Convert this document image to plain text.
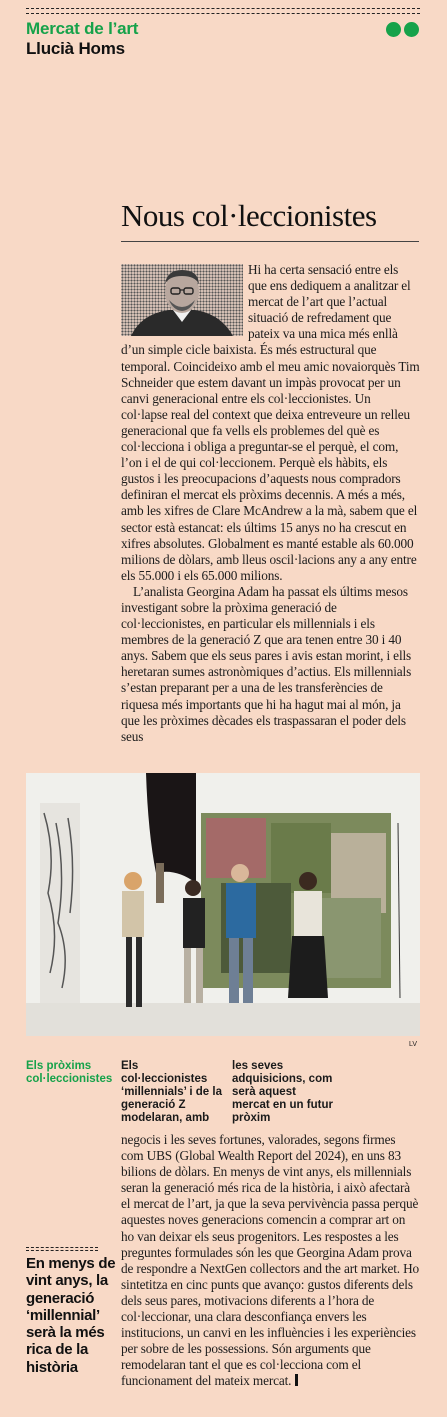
Mercat de l’art
Llucià Homs
Nous col·leccionistes

Hi ha certa sensació entre els que ens dediquem a analitzar el mercat de l’art que l’actual situació de refredament que pateix va una mica més enllà d’un simple cicle baixista. És més estructural que temporal. Coincideixo amb el meu amic novaiorquès Tim Schneider que estem davant un impàs provocat per un canvi generacional entre els col·leccionistes. Un col·lapse real del context que deixa entreveure un relleu generacional que fa vells els problemes del què es col·lecciona i obliga a preguntar-se el perquè, el com, l’on i el de qui col·leccionem. Perquè els hàbits, els gustos i les preocupacions d’aquests nous compradors definiran el mercat els pròxims decennis. A més a més, amb les xifres de Clare McAndrew a la mà, sabem que el sector està estancat: els últims 15 anys no ha crescut en xifres absolutes. Globalment es manté estable als 60.000 milions de dòlars, amb lleus oscil·lacions any a any entre els 55.000 i els 65.000 milions.

L’analista Georgina Adam ha passat els últims mesos investigant sobre la pròxima generació de col·leccionistes, en particular els millennials i els membres de la generació Z que ara tenen entre 30 i 40 anys. Sabem que els seus pares i avis estan morint, i ells heretaran sumes astronòmiques d’actius. Els millennials s’estan preparant per a una de les transferències de riquesa més importants que hi ha hagut mai al món, ja que les pròximes dècades els traspassaran el poder dels seus

LV
Els pròxims col·leccionistes
Els col·leccionistes ‘millennials’ i de la generació Z modelaran, amb
les seves adquisicions, com serà aquest mercat en un futur pròxim
En menys de vint anys, la generació ‘millennial’ serà la més rica de la història

negocis i les seves fortunes, valorades, segons firmes com UBS (Global Wealth Report del 2024), en uns 83 bilions de dòlars. En menys de vint anys, els millennials seran la generació més rica de la història, i això afectarà el mercat de l’art, ja que la seva pervivència passa perquè aquestes noves generacions comencin a comprar art on ho van deixar els seus progenitors. Les respostes a les preguntes formulades són les que Georgina Adam prova de respondre a NextGen collectors and the art market. Ho sintetitza en cinc punts que avanço: gustos diferents dels dels seus pares, motivacions diferents a l’hora de col·leccionar, una clara desconfiança envers les institucions, un canvi en les influències i les experiències per sobre de les possessions. Són arguments que remodelaran tant el que es col·lecciona com el funcionament del mateix mercat.
